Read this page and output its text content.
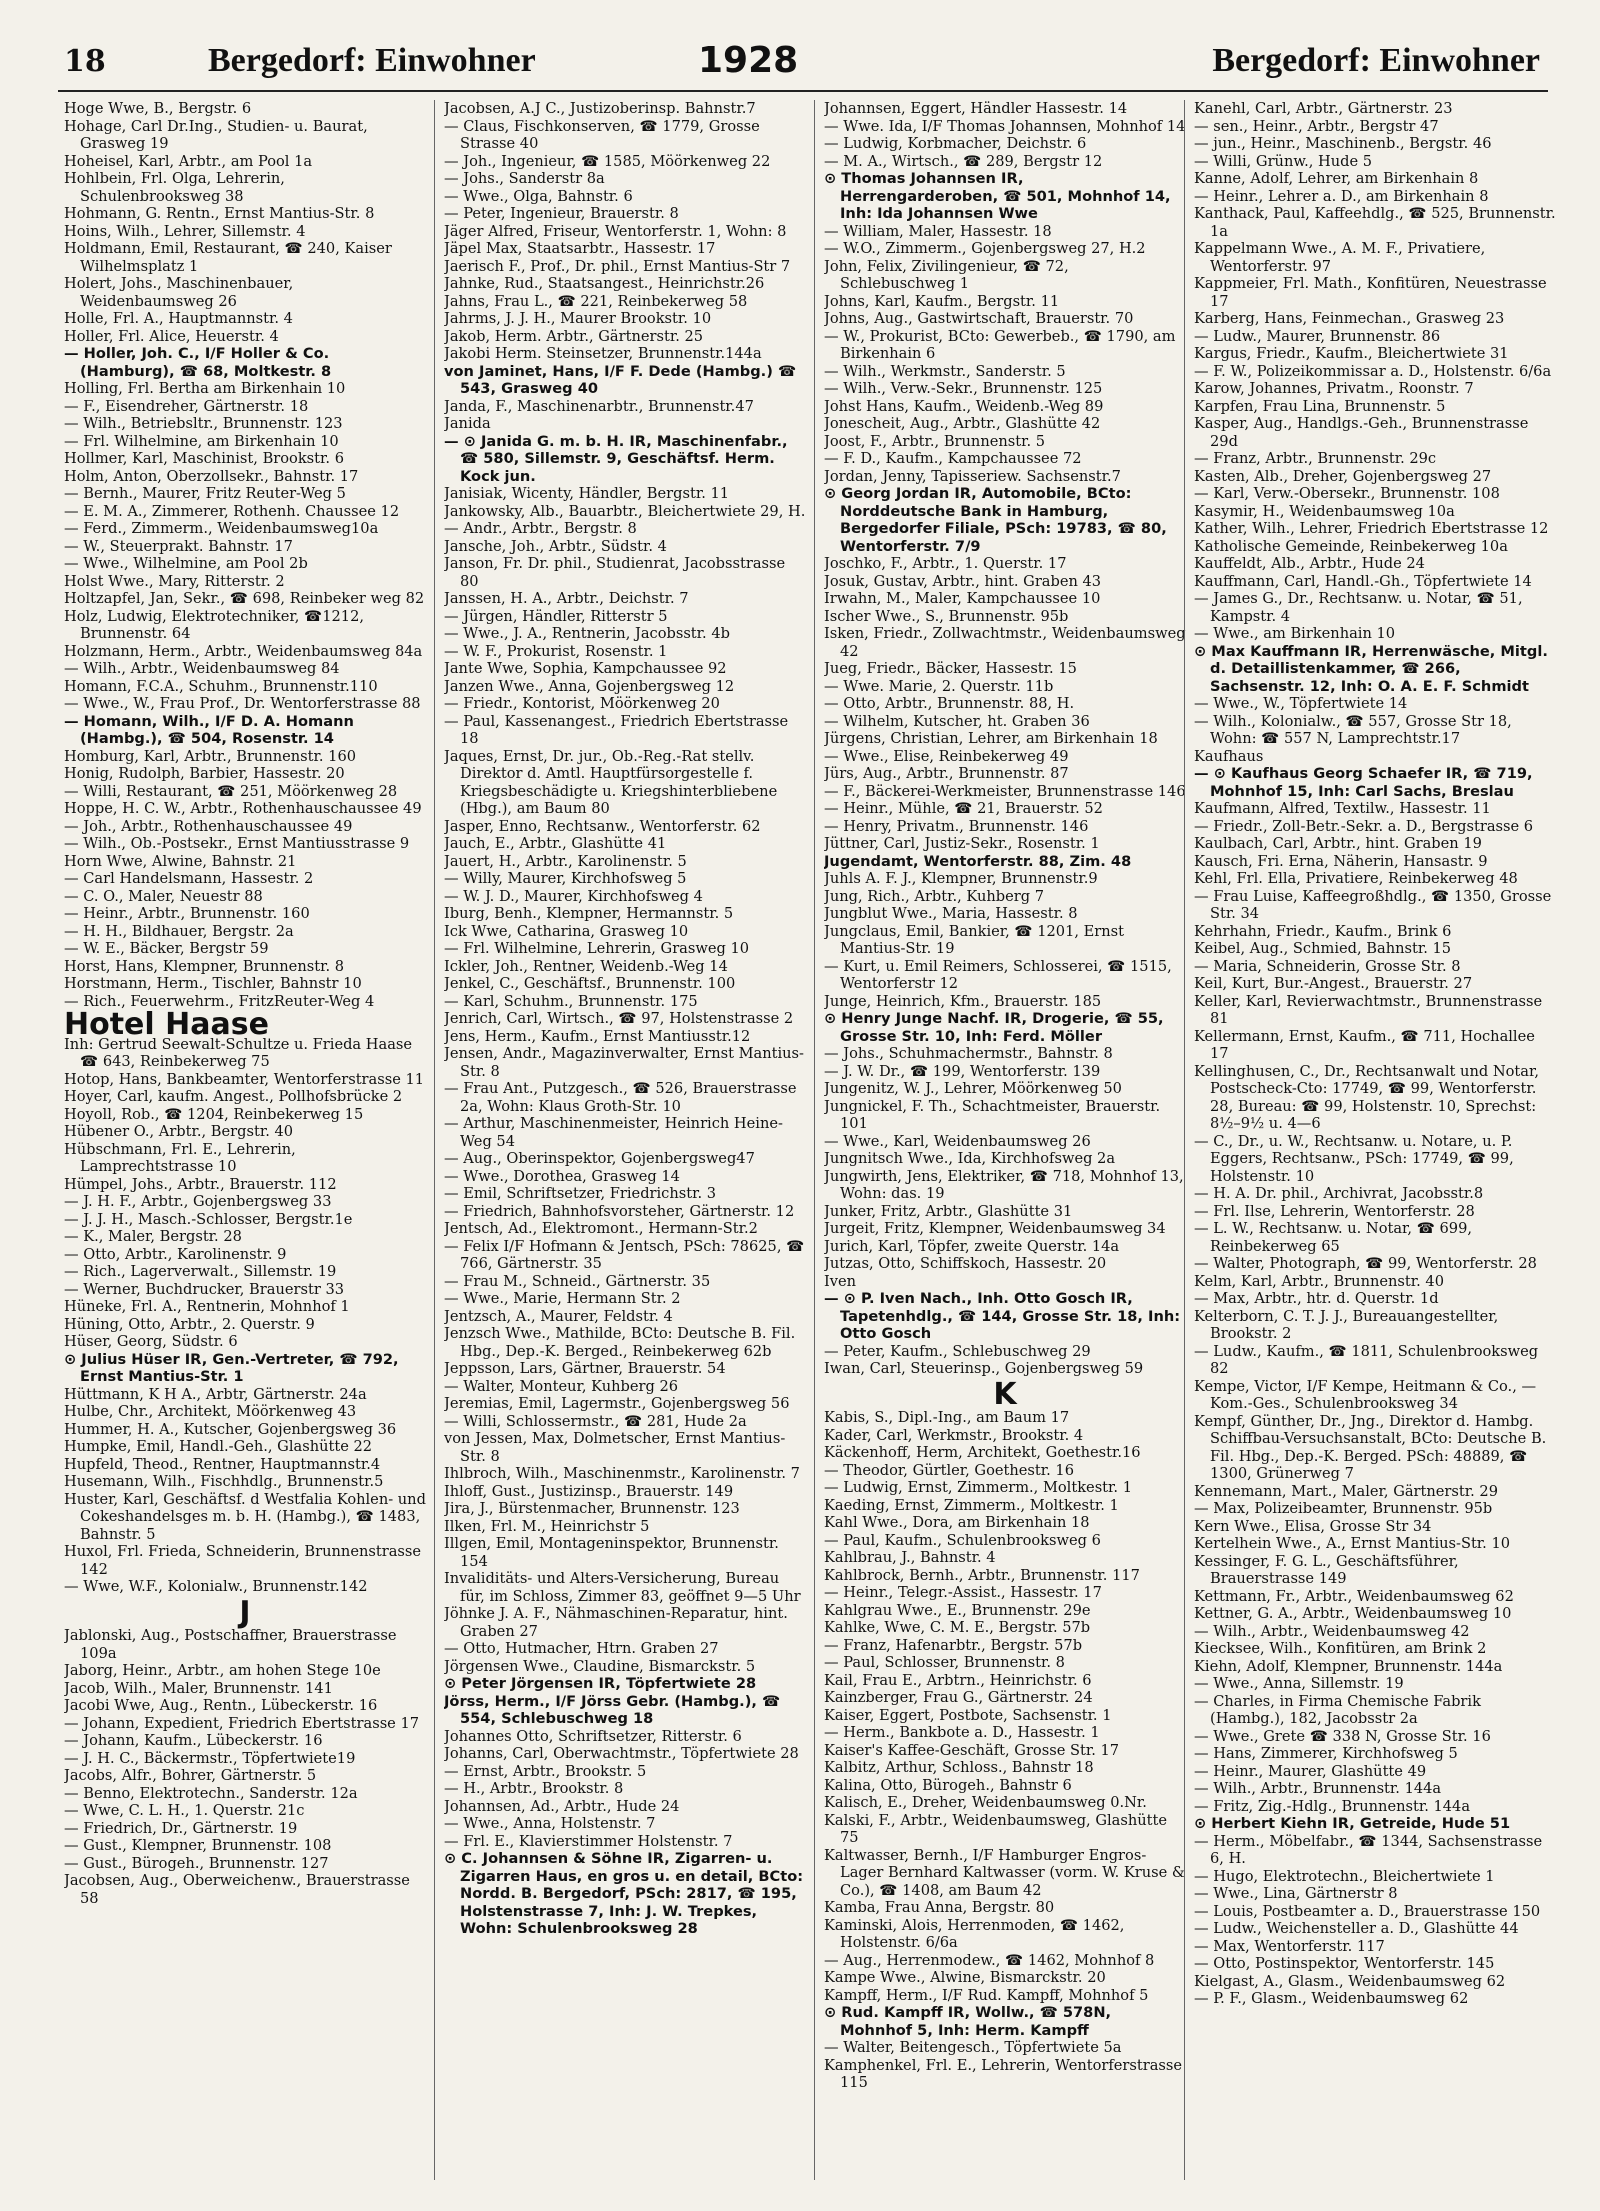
18	Bergedorf: Einwohner	1928	Bergedorf: Einwohner

Hoge Wwe, B., Bergstr. 6

Hohage, Carl Dr.Ing., Studien- u. Baurat, Grasweg 19

Hoheisel, Karl, Arbtr., am Pool 1a

Hohlbein, Frl. Olga, Lehrerin, Schulenbrooksweg 38

Hohmann, G. Rentn., Ernst Mantius-Str. 8

Hoins, Wilh., Lehrer, Sillemstr. 4

Holdmann, Emil, Restaurant, ☎ 240, Kaiser Wilhelmsplatz 1

Holert, Johs., Maschinenbauer, Weidenbaumsweg 26

Holle, Frl. A., Hauptmannstr. 4

Holler, Frl. Alice, Heuerstr. 4

— Holler, Joh. C., I/F Holler & Co. (Hamburg), ☎ 68, Moltkestr. 8

Holling, Frl. Bertha am Birkenhain 10

— F., Eisendreher, Gärtnerstr. 18

— Wilh., Betriebsltr., Brunnenstr. 123

— Frl. Wilhelmine, am Birkenhain 10

Hollmer, Karl, Maschinist, Brookstr. 6

Holm, Anton, Oberzollsekr., Bahnstr. 17

— Bernh., Maurer, Fritz Reuter-Weg 5

— E. M. A., Zimmerer, Rothenh. Chaussee 12

— Ferd., Zimmerm., Weidenbaumsweg10a

— W., Steuerprakt. Bahnstr. 17

— Wwe., Wilhelmine, am Pool 2b

Holst Wwe., Mary, Ritterstr. 2

Holtzapfel, Jan, Sekr., ☎ 698, Reinbeker weg 82

Holz, Ludwig, Elektrotechniker, ☎1212, Brunnenstr. 64

Holzmann, Herm., Arbtr., Weidenbaumsweg 84a

— Wilh., Arbtr., Weidenbaumsweg 84

Homann, F.C.A., Schuhm., Brunnenstr.110

— Wwe., W., Frau Prof., Dr. Wentorferstrasse 88

— Homann, Wilh., I/F D. A. Homann (Hambg.), ☎ 504, Rosenstr. 14

Homburg, Karl, Arbtr., Brunnenstr. 160

Honig, Rudolph, Barbier, Hassestr. 20

— Willi, Restaurant, ☎ 251, Möörkenweg 28

Hoppe, H. C. W., Arbtr., Rothenhauschaussee 49

— Joh., Arbtr., Rothenhauschaussee 49

— Wilh., Ob.-Postsekr., Ernst Mantiusstrasse 9

Horn Wwe, Alwine, Bahnstr. 21

— Carl Handelsmann, Hassestr. 2

— C. O., Maler, Neuestr 88

— Heinr., Arbtr., Brunnenstr. 160

— H. H., Bildhauer, Bergstr. 2a

— W. E., Bäcker, Bergstr 59

Horst, Hans, Klempner, Brunnenstr. 8

Horstmann, Herm., Tischler, Bahnstr 10

— Rich., Feuerwehrm., FritzReuter-Weg 4

Hotel Haase

Inh: Gertrud Seewalt-Schultze u. Frieda Haase ☎ 643, Reinbekerweg 75

Hotop, Hans, Bankbeamter, Wentorferstrasse 11

Hoyer, Carl, kaufm. Angest., Pollhofsbrücke 2

Hoyoll, Rob., ☎ 1204, Reinbekerweg 15

Hübener O., Arbtr., Bergstr. 40

Hübschmann, Frl. E., Lehrerin, Lamprechtstrasse 10

Hümpel, Johs., Arbtr., Brauerstr. 112

— J. H. F., Arbtr., Gojenbergsweg 33

— J. J. H., Masch.-Schlosser, Bergstr.1e

— K., Maler, Bergstr. 28

— Otto, Arbtr., Karolinenstr. 9

— Rich., Lagerverwalt., Sillemstr. 19

— Werner, Buchdrucker, Brauerstr 33

Hüneke, Frl. A., Rentnerin, Mohnhof 1

Hüning, Otto, Arbtr., 2. Querstr. 9

Hüser, Georg, Südstr. 6

⊙ Julius Hüser IR, Gen.-Vertreter, ☎ 792, Ernst Mantius-Str. 1

Hüttmann, K H A., Arbtr, Gärtnerstr. 24a

Hulbe, Chr., Architekt, Möörkenweg 43

Hummer, H. A., Kutscher, Gojenbergsweg 36

Humpke, Emil, Handl.-Geh., Glashütte 22

Hupfeld, Theod., Rentner, Hauptmannstr.4

Husemann, Wilh., Fischhdlg., Brunnenstr.5

Huster, Karl, Geschäftsf. d Westfalia Kohlen- und Cokeshandelsges m. b. H. (Hambg.), ☎ 1483, Bahnstr. 5

Huxol, Frl. Frieda, Schneiderin, Brunnenstrasse 142

— Wwe, W.F., Kolonialw., Brunnenstr.142

J

Jablonski, Aug., Postschaffner, Brauerstrasse 109a

Jaborg, Heinr., Arbtr., am hohen Stege 10e

Jacob, Wilh., Maler, Brunnenstr. 141

Jacobi Wwe, Aug., Rentn., Lübeckerstr. 16

— Johann, Expedient, Friedrich Ebertstrasse 17

— Johann, Kaufm., Lübeckerstr. 16

— J. H. C., Bäckermstr., Töpfertwiete19

Jacobs, Alfr., Bohrer, Gärtnerstr. 5

— Benno, Elektrotechn., Sanderstr. 12a

— Wwe, C. L. H., 1. Querstr. 21c

— Friedrich, Dr., Gärtnerstr. 19

— Gust., Klempner, Brunnenstr. 108

— Gust., Bürogeh., Brunnenstr. 127

Jacobsen, Aug., Oberweichenw., Brauerstrasse 58

Jacobsen, A.J C., Justizoberinsp. Bahnstr.7

— Claus, Fischkonserven, ☎ 1779, Grosse Strasse 40

— Joh., Ingenieur, ☎ 1585, Möörkenweg 22

— Johs., Sanderstr 8a

— Wwe., Olga, Bahnstr. 6

— Peter, Ingenieur, Brauerstr. 8

Jäger Alfred, Friseur, Wentorferstr. 1, Wohn: 8

Jäpel Max, Staatsarbtr., Hassestr. 17

Jaerisch F., Prof., Dr. phil., Ernst Mantius-Str 7

Jahnke, Rud., Staatsangest., Heinrichstr.26

Jahns, Frau L., ☎ 221, Reinbekerweg 58

Jahrms, J. J. H., Maurer Brookstr. 10

Jakob, Herm. Arbtr., Gärtnerstr. 25

Jakobi Herm. Steinsetzer, Brunnenstr.144a

von Jaminet, Hans, I/F F. Dede (Hambg.) ☎ 543, Grasweg 40

Janda, F., Maschinenarbtr., Brunnenstr.47

Janida

— ⊙ Janida G. m. b. H. IR, Maschinenfabr., ☎ 580, Sillemstr. 9, Geschäftsf. Herm. Kock jun.

Janisiak, Wicenty, Händler, Bergstr. 11

Jankowsky, Alb., Bauarbtr., Bleichertwiete 29, H.

— Andr., Arbtr., Bergstr. 8

Jansche, Joh., Arbtr., Südstr. 4

Janson, Fr. Dr. phil., Studienrat, Jacobsstrasse 80

Janssen, H. A., Arbtr., Deichstr. 7

— Jürgen, Händler, Ritterstr 5

— Wwe., J. A., Rentnerin, Jacobsstr. 4b

— W. F., Prokurist, Rosenstr. 1

Jante Wwe, Sophia, Kampchaussee 92

Janzen Wwe., Anna, Gojenbergsweg 12

— Friedr., Kontorist, Möörkenweg 20

— Paul, Kassenangest., Friedrich Ebertstrasse 18

Jaques, Ernst, Dr. jur., Ob.-Reg.-Rat stellv. Direktor d. Amtl. Hauptfürsorgestelle f. Kriegsbeschädigte u. Kriegshinterbliebene (Hbg.), am Baum 80

Jasper, Enno, Rechtsanw., Wentorferstr. 62

Jauch, E., Arbtr., Glashütte 41

Jauert, H., Arbtr., Karolinenstr. 5

— Willy, Maurer, Kirchhofsweg 5

— W. J. D., Maurer, Kirchhofsweg 4

Iburg, Benh., Klempner, Hermannstr. 5

Ick Wwe, Catharina, Grasweg 10

— Frl. Wilhelmine, Lehrerin, Grasweg 10

Ickler, Joh., Rentner, Weidenb.-Weg 14

Jenkel, C., Geschäftsf., Brunnenstr. 100

— Karl, Schuhm., Brunnenstr. 175

Jenrich, Carl, Wirtsch., ☎ 97, Holstenstrasse 2

Jens, Herm., Kaufm., Ernst Mantiusstr.12

Jensen, Andr., Magazinverwalter, Ernst Mantius-Str. 8

— Frau Ant., Putzgesch., ☎ 526, Brauerstrasse 2a, Wohn: Klaus Groth-Str. 10

— Arthur, Maschinenmeister, Heinrich Heine-Weg 54

— Aug., Oberinspektor, Gojenbergsweg47

— Wwe., Dorothea, Grasweg 14

— Emil, Schriftsetzer, Friedrichstr. 3

— Friedrich, Bahnhofsvorsteher, Gärtnerstr. 12

Jentsch, Ad., Elektromont., Hermann-Str.2

— Felix I/F Hofmann & Jentsch, PSch: 78625, ☎ 766, Gärtnerstr. 35

— Frau M., Schneid., Gärtnerstr. 35

— Wwe., Marie, Hermann Str. 2

Jentzsch, A., Maurer, Feldstr. 4

Jenzsch Wwe., Mathilde, BCto: Deutsche B. Fil. Hbg., Dep.-K. Berged., Reinbekerweg 62b

Jeppsson, Lars, Gärtner, Brauerstr. 54

— Walter, Monteur, Kuhberg 26

Jeremias, Emil, Lagermstr., Gojenbergsweg 56

— Willi, Schlossermstr., ☎ 281, Hude 2a

von Jessen, Max, Dolmetscher, Ernst Mantius-Str. 8

Ihlbroch, Wilh., Maschinenmstr., Karolinenstr. 7

Ihloff, Gust., Justizinsp., Brauerstr. 149

Jira, J., Bürstenmacher, Brunnenstr. 123

Ilken, Frl. M., Heinrichstr 5

Illgen, Emil, Montageninspektor, Brunnenstr. 154

Invaliditäts- und Alters-Versicherung, Bureau für, im Schloss, Zimmer 83, geöffnet 9—5 Uhr

Jöhnke J. A. F., Nähmaschinen-Reparatur, hint. Graben 27

— Otto, Hutmacher, Htrn. Graben 27

Jörgensen Wwe., Claudine, Bismarckstr. 5

⊙ Peter Jörgensen IR, Töpfertwiete 28

Jörss, Herm., I/F Jörss Gebr. (Hambg.), ☎ 554, Schlebuschweg 18

Johannes Otto, Schriftsetzer, Ritterstr. 6

Johanns, Carl, Oberwachtmstr., Töpfertwiete 28

— Ernst, Arbtr., Brookstr. 5

— H., Arbtr., Brookstr. 8

Johannsen, Ad., Arbtr., Hude 24

— Wwe., Anna, Holstenstr. 7

— Frl. E., Klavierstimmer Holstenstr. 7

⊙ C. Johannsen & Söhne IR, Zigarren- u. Zigarren Haus, en gros u. en detail, BCto: Nordd. B. Bergedorf, PSch: 2817, ☎ 195, Holstenstrasse 7, Inh: J. W. Trepkes, Wohn: Schulenbrooksweg 28

Johannsen, Eggert, Händler Hassestr. 14

— Wwe. Ida, I/F Thomas Johannsen, Mohnhof 14

— Ludwig, Korbmacher, Deichstr. 6

— M. A., Wirtsch., ☎ 289, Bergstr 12

⊙ Thomas Johannsen IR, Herrengarderoben, ☎ 501, Mohnhof 14, Inh: Ida Johannsen Wwe

— William, Maler, Hassestr. 18

— W.O., Zimmerm., Gojenbergsweg 27, H.2

John, Felix, Zivilingenieur, ☎ 72, Schlebuschweg 1

Johns, Karl, Kaufm., Bergstr. 11

Johns, Aug., Gastwirtschaft, Brauerstr. 70

— W., Prokurist, BCto: Gewerbeb., ☎ 1790, am Birkenhain 6

— Wilh., Werkmstr., Sanderstr. 5

— Wilh., Verw.-Sekr., Brunnenstr. 125

Johst Hans, Kaufm., Weidenb.-Weg 89

Jonescheit, Aug., Arbtr., Glashütte 42

Joost, F., Arbtr., Brunnenstr. 5

— F. D., Kaufm., Kampchaussee 72

Jordan, Jenny, Tapisseriew. Sachsenstr.7

⊙ Georg Jordan IR, Automobile, BCto: Norddeutsche Bank in Hamburg, Bergedorfer Filiale, PSch: 19783, ☎ 80, Wentorferstr. 7/9

Joschko, F., Arbtr., 1. Querstr. 17

Josuk, Gustav, Arbtr., hint. Graben 43

Irwahn, M., Maler, Kampchaussee 10

Ischer Wwe., S., Brunnenstr. 95b

Isken, Friedr., Zollwachtmstr., Weidenbaumsweg 42

Jueg, Friedr., Bäcker, Hassestr. 15

— Wwe. Marie, 2. Querstr. 11b

— Otto, Arbtr., Brunnenstr. 88, H.

— Wilhelm, Kutscher, ht. Graben 36

Jürgens, Christian, Lehrer, am Birkenhain 18

— Wwe., Elise, Reinbekerweg 49

Jürs, Aug., Arbtr., Brunnenstr. 87

— F., Bäckerei-Werkmeister, Brunnenstrasse 146

— Heinr., Mühle, ☎ 21, Brauerstr. 52

— Henry, Privatm., Brunnenstr. 146

Jüttner, Carl, Justiz-Sekr., Rosenstr. 1

Jugendamt, Wentorferstr. 88, Zim. 48

Juhls A. F. J., Klempner, Brunnenstr.9

Jung, Rich., Arbtr., Kuhberg 7

Jungblut Wwe., Maria, Hassestr. 8

Jungclaus, Emil, Bankier, ☎ 1201, Ernst Mantius-Str. 19

— Kurt, u. Emil Reimers, Schlosserei, ☎ 1515, Wentorferstr 12

Junge, Heinrich, Kfm., Brauerstr. 185

⊙ Henry Junge Nachf. IR, Drogerie, ☎ 55, Grosse Str. 10, Inh: Ferd. Möller

— Johs., Schuhmachermstr., Bahnstr. 8

— J. W. Dr., ☎ 199, Wentorferstr. 139

Jungenitz, W. J., Lehrer, Möörkenweg 50

Jungnickel, F. Th., Schachtmeister, Brauerstr. 101

— Wwe., Karl, Weidenbaumsweg 26

Jungnitsch Wwe., Ida, Kirchhofsweg 2a

Jungwirth, Jens, Elektriker, ☎ 718, Mohnhof 13, Wohn: das. 19

Junker, Fritz, Arbtr., Glashütte 31

Jurgeit, Fritz, Klempner, Weidenbaumsweg 34

Jurich, Karl, Töpfer, zweite Querstr. 14a

Jutzas, Otto, Schiffskoch, Hassestr. 20

Iven

— ⊙ P. Iven Nach., Inh. Otto Gosch IR, Tapetenhdlg., ☎ 144, Grosse Str. 18, Inh: Otto Gosch

— Peter, Kaufm., Schlebuschweg 29

Iwan, Carl, Steuerinsp., Gojenbergsweg 59

K

Kabis, S., Dipl.-Ing., am Baum 17

Kader, Carl, Werkmstr., Brookstr. 4

Käckenhoff, Herm, Architekt, Goethestr.16

— Theodor, Gürtler, Goethestr. 16

— Ludwig, Ernst, Zimmerm., Moltkestr. 1

Kaeding, Ernst, Zimmerm., Moltkestr. 1

Kahl Wwe., Dora, am Birkenhain 18

— Paul, Kaufm., Schulenbrooksweg 6

Kahlbrau, J., Bahnstr. 4

Kahlbrock, Bernh., Arbtr., Brunnenstr. 117

— Heinr., Telegr.-Assist., Hassestr. 17

Kahlgrau Wwe., E., Brunnenstr. 29e

Kahlke, Wwe, C. M. E., Bergstr. 57b

— Franz, Hafenarbtr., Bergstr. 57b

— Paul, Schlosser, Brunnenstr. 8

Kail, Frau E., Arbtrn., Heinrichstr. 6

Kainzberger, Frau G., Gärtnerstr. 24

Kaiser, Eggert, Postbote, Sachsenstr. 1

— Herm., Bankbote a. D., Hassestr. 1

Kaiser's Kaffee-Geschäft, Grosse Str. 17

Kalbitz, Arthur, Schloss., Bahnstr 18

Kalina, Otto, Bürogeh., Bahnstr 6

Kalisch, E., Dreher, Weidenbaumsweg 0.Nr.

Kalski, F., Arbtr., Weidenbaumsweg, Glashütte 75

Kaltwasser, Bernh., I/F Hamburger Engros-Lager Bernhard Kaltwasser (vorm. W. Kruse & Co.), ☎ 1408, am Baum 42

Kamba, Frau Anna, Bergstr. 80

Kaminski, Alois, Herrenmoden, ☎ 1462, Holstenstr. 6/6a

— Aug., Herrenmodew., ☎ 1462, Mohnhof 8

Kampe Wwe., Alwine, Bismarckstr. 20

Kampff, Herm., I/F Rud. Kampff, Mohnhof 5

⊙ Rud. Kampff IR, Wollw., ☎ 578N, Mohnhof 5, Inh: Herm. Kampff

— Walter, Beitengesch., Töpfertwiete 5a

Kamphenkel, Frl. E., Lehrerin, Wentorferstrasse 115

Kanehl, Carl, Arbtr., Gärtnerstr. 23

— sen., Heinr., Arbtr., Bergstr 47

— jun., Heinr., Maschinenb., Bergstr. 46

— Willi, Grünw., Hude 5

Kanne, Adolf, Lehrer, am Birkenhain 8

— Heinr., Lehrer a. D., am Birkenhain 8

Kanthack, Paul, Kaffeehdlg., ☎ 525, Brunnenstr. 1a

Kappelmann Wwe., A. M. F., Privatiere, Wentorferstr. 97

Kappmeier, Frl. Math., Konfitüren, Neuestrasse 17

Karberg, Hans, Feinmechan., Grasweg 23

— Ludw., Maurer, Brunnenstr. 86

Kargus, Friedr., Kaufm., Bleichertwiete 31

— F. W., Polizeikommissar a. D., Holstenstr. 6/6a

Karow, Johannes, Privatm., Roonstr. 7

Karpfen, Frau Lina, Brunnenstr. 5

Kasper, Aug., Handlgs.-Geh., Brunnenstrasse 29d

— Franz, Arbtr., Brunnenstr. 29c

Kasten, Alb., Dreher, Gojenbergsweg 27

— Karl, Verw.-Obersekr., Brunnenstr. 108

Kasymir, H., Weidenbaumsweg 10a

Kather, Wilh., Lehrer, Friedrich Ebertstrasse 12

Katholische Gemeinde, Reinbekerweg 10a

Kauffeldt, Alb., Arbtr., Hude 24

Kauffmann, Carl, Handl.-Gh., Töpfertwiete 14

— James G., Dr., Rechtsanw. u. Notar, ☎ 51, Kampstr. 4

— Wwe., am Birkenhain 10

⊙ Max Kauffmann IR, Herrenwäsche, Mitgl. d. Detaillistenkammer, ☎ 266, Sachsenstr. 12, Inh: O. A. E. F. Schmidt

— Wwe., W., Töpfertwiete 14

— Wilh., Kolonialw., ☎ 557, Grosse Str 18, Wohn: ☎ 557 N, Lamprechtstr.17

Kaufhaus

— ⊙ Kaufhaus Georg Schaefer IR, ☎ 719, Mohnhof 15, Inh: Carl Sachs, Breslau

Kaufmann, Alfred, Textilw., Hassestr. 11

— Friedr., Zoll-Betr.-Sekr. a. D., Bergstrasse 6

Kaulbach, Carl, Arbtr., hint. Graben 19

Kausch, Fri. Erna, Näherin, Hansastr. 9

Kehl, Frl. Ella, Privatiere, Reinbekerweg 48

— Frau Luise, Kaffeegroßhdlg., ☎ 1350, Grosse Str. 34

Kehrhahn, Friedr., Kaufm., Brink 6

Keibel, Aug., Schmied, Bahnstr. 15

— Maria, Schneiderin, Grosse Str. 8

Keil, Kurt, Bur.-Angest., Brauerstr. 27

Keller, Karl, Revierwachtmstr., Brunnenstrasse 81

Kellermann, Ernst, Kaufm., ☎ 711, Hochallee 17

Kellinghusen, C., Dr., Rechtsanwalt und Notar, Postscheck-Cto: 17749, ☎ 99, Wentorferstr. 28, Bureau: ☎ 99, Holstenstr. 10, Sprechst: 8½–9½ u. 4—6

— C., Dr., u. W., Rechtsanw. u. Notare, u. P. Eggers, Rechtsanw., PSch: 17749, ☎ 99, Holstenstr. 10

— H. A. Dr. phil., Archivrat, Jacobsstr.8

— Frl. Ilse, Lehrerin, Wentorferstr. 28

— L. W., Rechtsanw. u. Notar, ☎ 699, Reinbekerweg 65

— Walter, Photograph, ☎ 99, Wentorferstr. 28

Kelm, Karl, Arbtr., Brunnenstr. 40

— Max, Arbtr., htr. d. Querstr. 1d

Kelterborn, C. T. J. J., Bureauangestellter, Brookstr. 2

— Ludw., Kaufm., ☎ 1811, Schulenbrooksweg 82

Kempe, Victor, I/F Kempe, Heitmann & Co., — Kom.-Ges., Schulenbrooksweg 34

Kempf, Günther, Dr., Jng., Direktor d. Hambg. Schiffbau-Versuchsanstalt, BCto: Deutsche B. Fil. Hbg., Dep.-K. Berged. PSch: 48889, ☎ 1300, Grünerweg 7

Kennemann, Mart., Maler, Gärtnerstr. 29

— Max, Polizeibeamter, Brunnenstr. 95b

Kern Wwe., Elisa, Grosse Str 34

Kertelhein Wwe., A., Ernst Mantius-Str. 10

Kessinger, F. G. L., Geschäftsführer, Brauerstrasse 149

Kettmann, Fr., Arbtr., Weidenbaumsweg 62

Kettner, G. A., Arbtr., Weidenbaumsweg 10

— Wilh., Arbtr., Weidenbaumsweg 42

Kiecksee, Wilh., Konfitüren, am Brink 2

Kiehn, Adolf, Klempner, Brunnenstr. 144a

— Wwe., Anna, Sillemstr. 19

— Charles, in Firma Chemische Fabrik (Hambg.), 182, Jacobsstr 2a

— Wwe., Grete ☎ 338 N, Grosse Str. 16

— Hans, Zimmerer, Kirchhofsweg 5

— Heinr., Maurer, Glashütte 49

— Wilh., Arbtr., Brunnenstr. 144a

— Fritz, Zig.-Hdlg., Brunnenstr. 144a

⊙ Herbert Kiehn IR, Getreide, Hude 51

— Herm., Möbelfabr., ☎ 1344, Sachsenstrasse 6, H.

— Hugo, Elektrotechn., Bleichertwiete 1

— Wwe., Lina, Gärtnerstr 8

— Louis, Postbeamter a. D., Brauerstrasse 150

— Ludw., Weichensteller a. D., Glashütte 44

— Max, Wentorferstr. 117

— Otto, Postinspektor, Wentorferstr. 145

Kielgast, A., Glasm., Weidenbaumsweg 62

— P. F., Glasm., Weidenbaumsweg 62
